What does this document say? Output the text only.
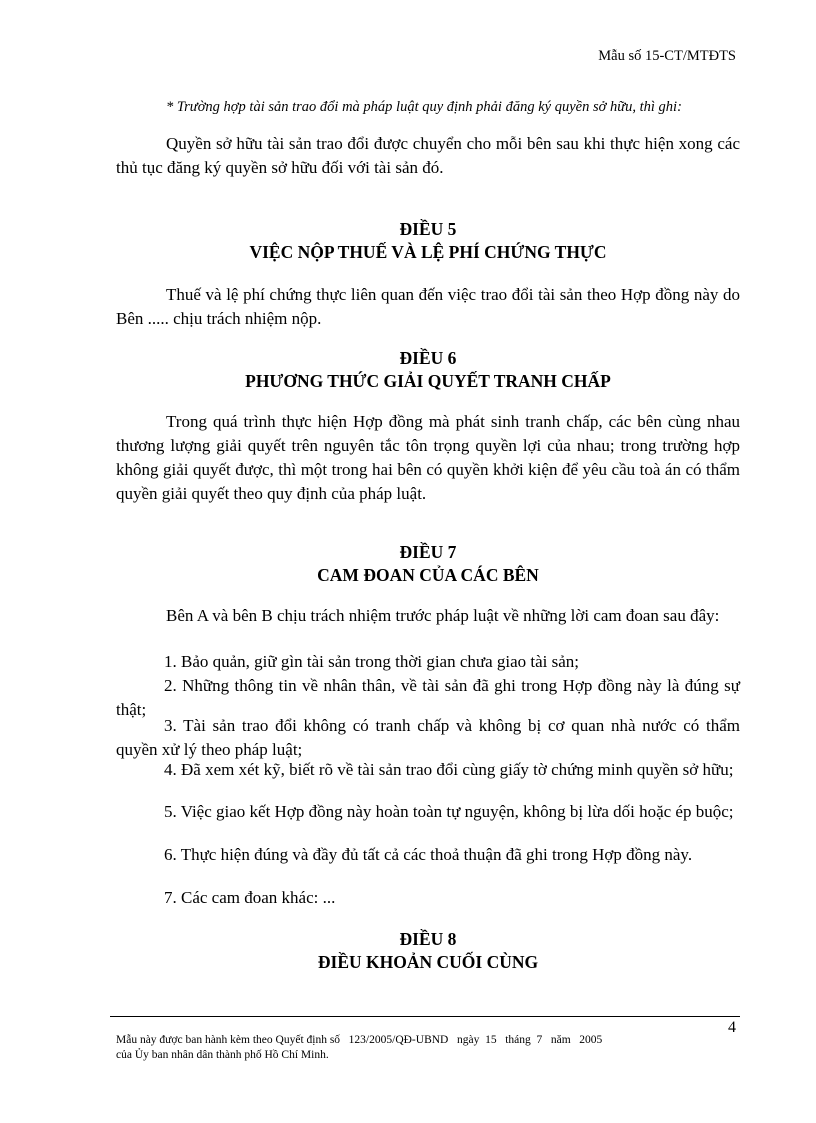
Mẫu số 15-CT/MTĐTS
* Trường hợp tài sản trao đổi mà pháp luật quy định phải đăng ký quyền sở hữu, thì ghi:
Quyền sở hữu tài sản trao đổi được chuyển cho mỗi bên sau khi thực hiện xong các thủ tục đăng ký quyền sở hữu đối với tài sản đó.
ĐIỀU 5
VIỆC NỘP THUẾ VÀ LỆ PHÍ CHỨNG THỰC
Thuế và lệ phí chứng thực liên quan đến việc trao đổi tài sản theo Hợp đồng này do Bên ..... chịu trách nhiệm nộp.
ĐIỀU 6
PHƯƠNG THỨC GIẢI QUYẾT TRANH CHẤP
Trong quá trình thực hiện Hợp đồng mà phát sinh tranh chấp, các bên cùng nhau thương lượng giải quyết trên nguyên tắc tôn trọng quyền lợi của nhau; trong trường hợp không giải quyết được, thì một trong hai bên có quyền khởi kiện để yêu cầu toà án có thẩm quyền giải quyết theo quy định của pháp luật.
ĐIỀU 7
CAM ĐOAN CỦA CÁC BÊN
Bên A và bên B chịu trách nhiệm trước pháp luật về những lời cam đoan sau đây:
1. Bảo quản, giữ gìn tài sản trong thời gian chưa giao tài sản;
2. Những thông tin về nhân thân, về tài sản đã ghi trong Hợp đồng này là đúng sự thật;
3. Tài sản trao đổi không có tranh chấp và không bị cơ quan nhà nước có thẩm quyền xử lý theo pháp luật;
4. Đã xem xét kỹ, biết rõ về tài sản trao đổi cùng giấy tờ chứng minh quyền sở hữu;
5. Việc giao kết Hợp đồng này hoàn toàn tự nguyện, không bị lừa dối hoặc ép buộc;
6. Thực hiện đúng và đầy đủ tất cả các thoả thuận đã ghi trong Hợp đồng này.
7. Các cam đoan khác: ...
ĐIỀU 8
ĐIỀU KHOẢN CUỐI CÙNG
4
Mẫu này được ban hành kèm theo Quyết định số   123/2005/QĐ-UBND   ngày  15   tháng  7   năm   2005
của Ủy ban nhân dân thành phố Hồ Chí Minh.
